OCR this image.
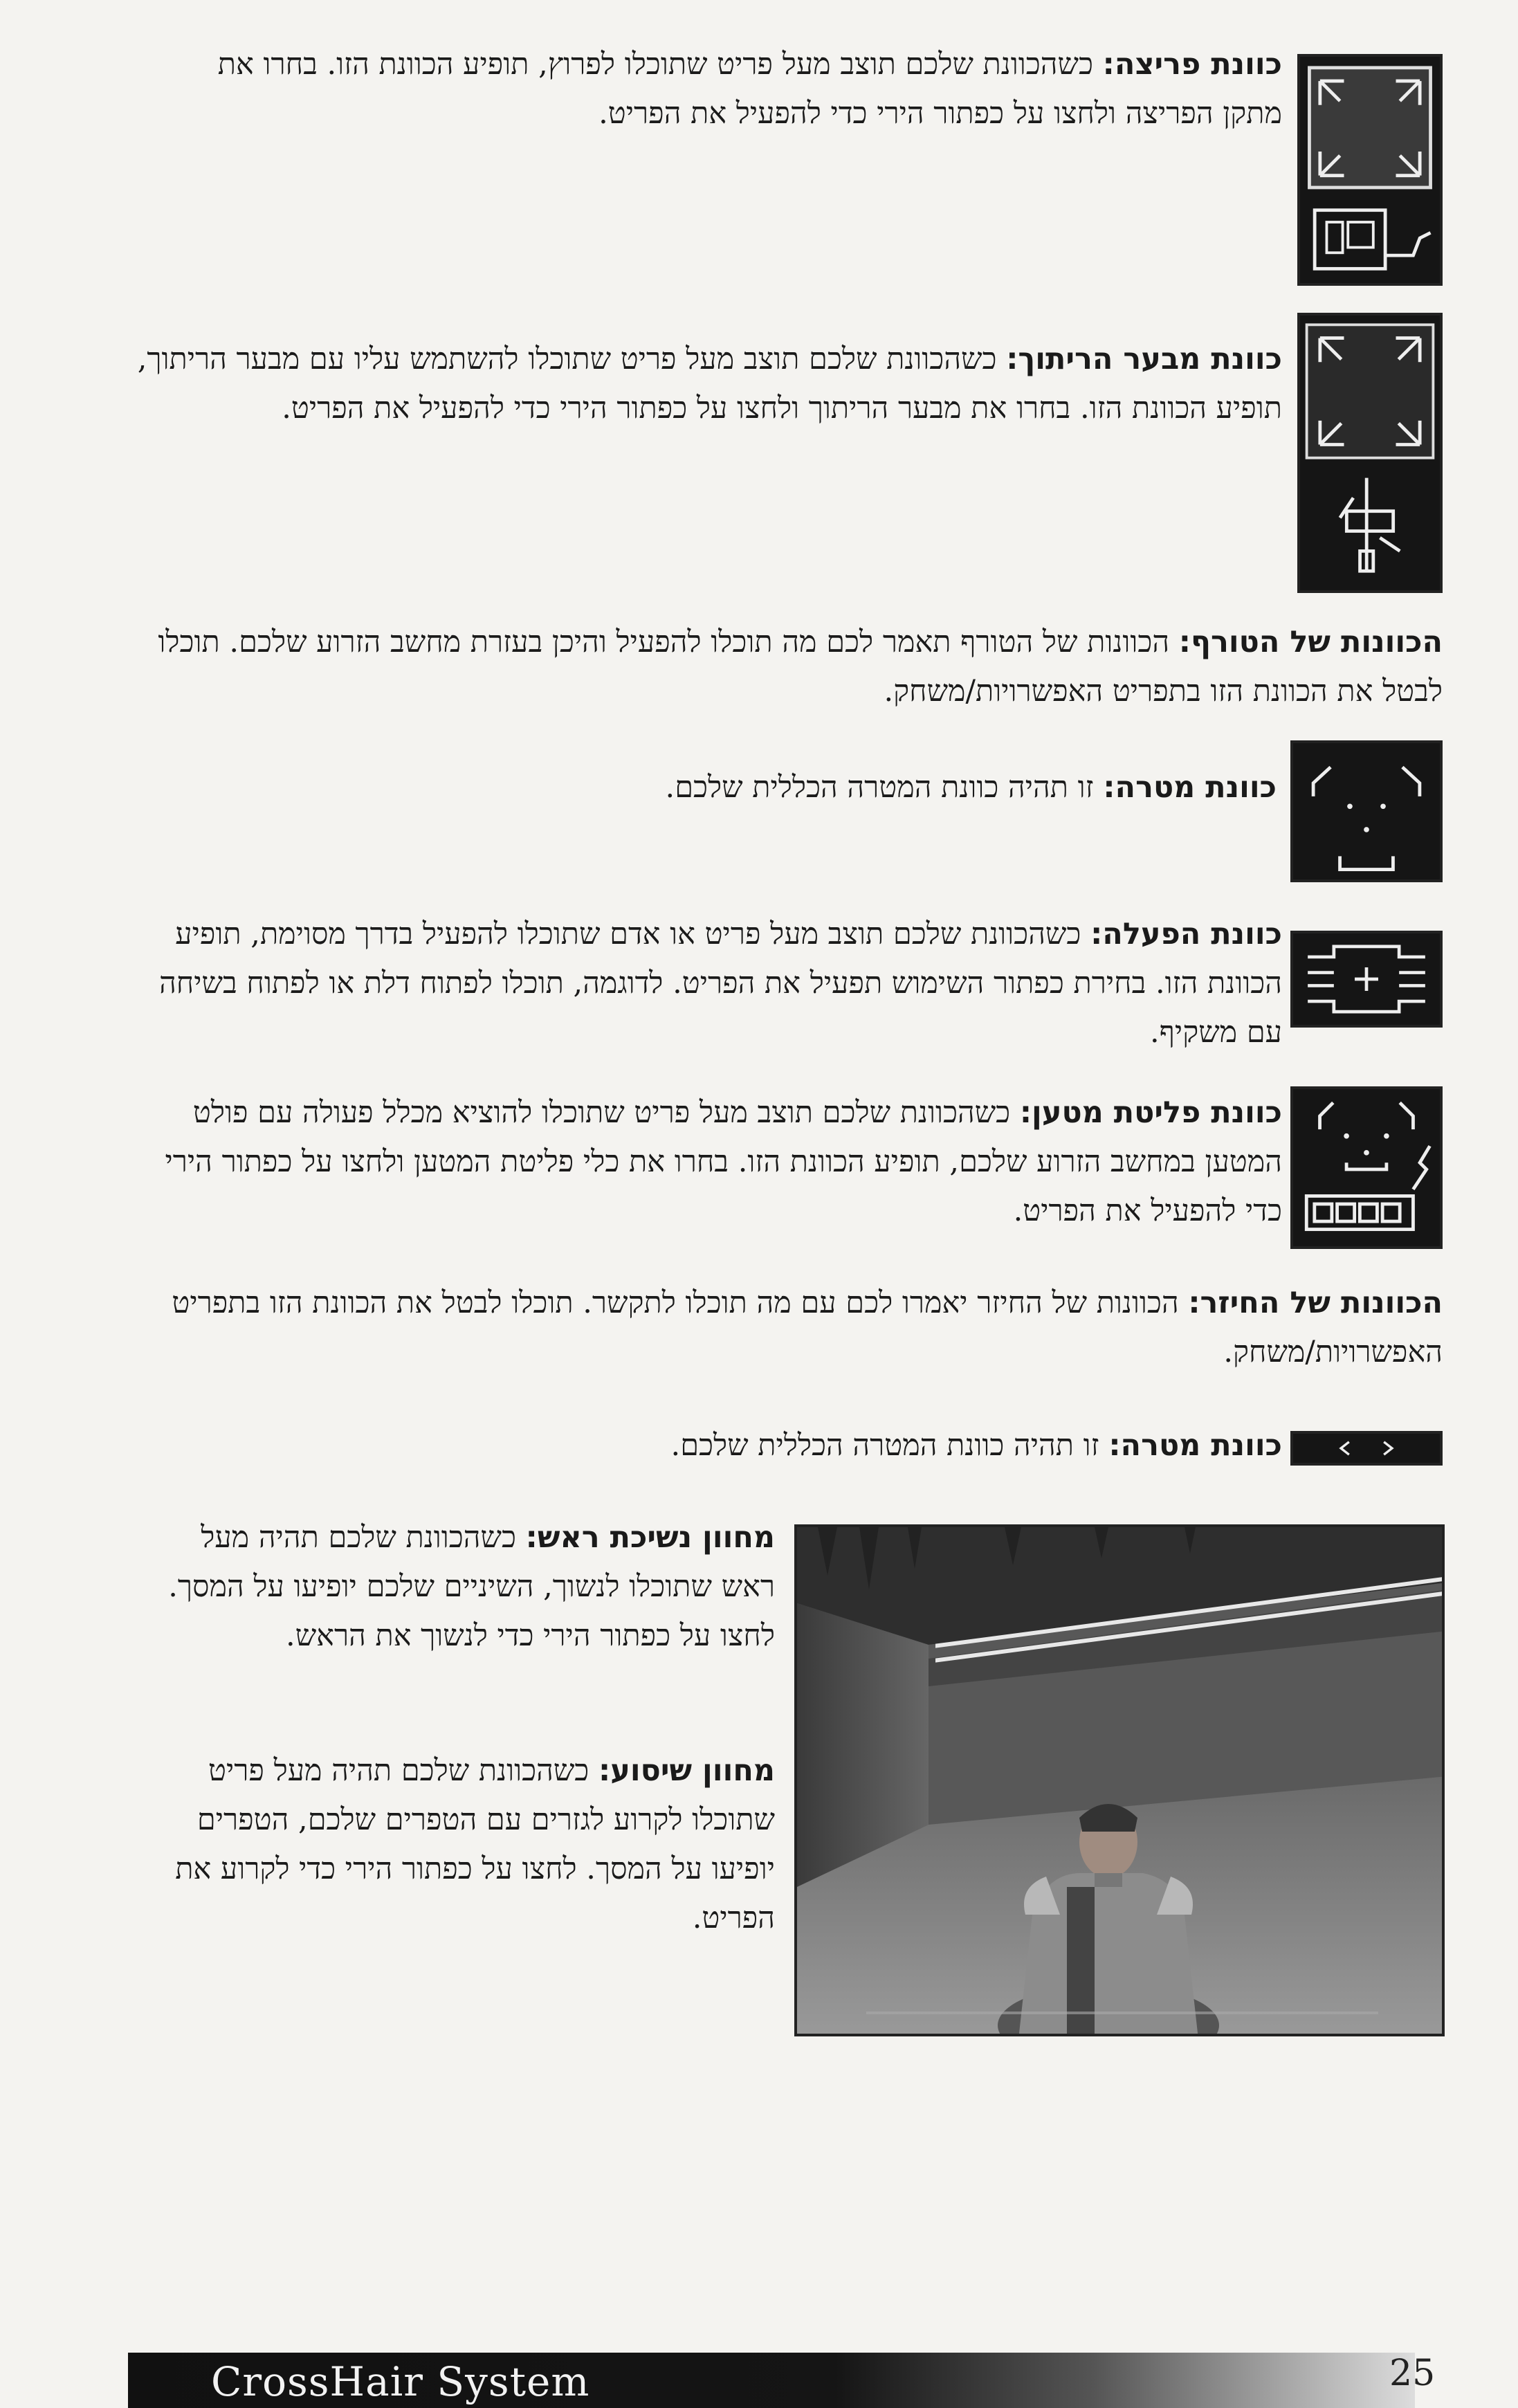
כוונת פריצה: כשהכוונת שלכם תוצב מעל פריט שתוכלו לפרוץ, תופיע הכוונת הזו. בחרו את מתקן הפריצה ולחצו על כפתור הירי כדי להפעיל את הפריט.
כוונת מבער הריתוך: כשהכוונת שלכם תוצב מעל פריט שתוכלו להשתמש עליו עם מבער הריתוך, תופיע הכוונת הזו. בחרו את מבער הריתוך ולחצו על כפתור הירי כדי להפעיל את הפריט.
הכוונות של הטורף: הכוונות של הטורף תאמר לכם מה תוכלו להפעיל והיכן בעזרת מחשב הזרוע שלכם. תוכלו לבטל את הכוונת הזו בתפריט האפשרויות/משחק.
כוונת מטרה: זו תהיה כוונת המטרה הכללית שלכם.
כוונת הפעלה: כשהכוונת שלכם תוצב מעל פריט או אדם שתוכלו להפעיל בדרך מסוימת, תופיע הכוונת הזו. בחירת כפתור השימוש תפעיל את הפריט. לדוגמה, תוכלו לפתוח דלת או לפתוח בשיחה עם משקיף.
כוונת פליטת מטען: כשהכוונת שלכם תוצב מעל פריט שתוכלו להוציא מכלל פעולה עם פולט המטען במחשב הזרוע שלכם, תופיע הכוונת הזו. בחרו את כלי פליטת המטען ולחצו על כפתור הירי כדי להפעיל את הפריט.
הכוונות של החיזר: הכוונות של החיזר יאמרו לכם עם מה תוכלו לתקשר. תוכלו לבטל את הכוונת הזו בתפריט האפשרויות/משחק.
כוונת מטרה: זו תהיה כוונת המטרה הכללית שלכם.
מחוון נשיכת ראש: כשהכוונת שלכם תהיה מעל ראש שתוכלו לנשוך, השיניים שלכם יופיעו על המסך. לחצו על כפתור הירי כדי לנשוך את הראש.
מחוון שיסוע: כשהכוונת שלכם תהיה מעל פריט שתוכלו לקרוע לגזרים עם הטפרים שלכם, הטפרים יופיעו על המסך. לחצו על כפתור הירי כדי לקרוע את הפריט.
CrossHair System	25
